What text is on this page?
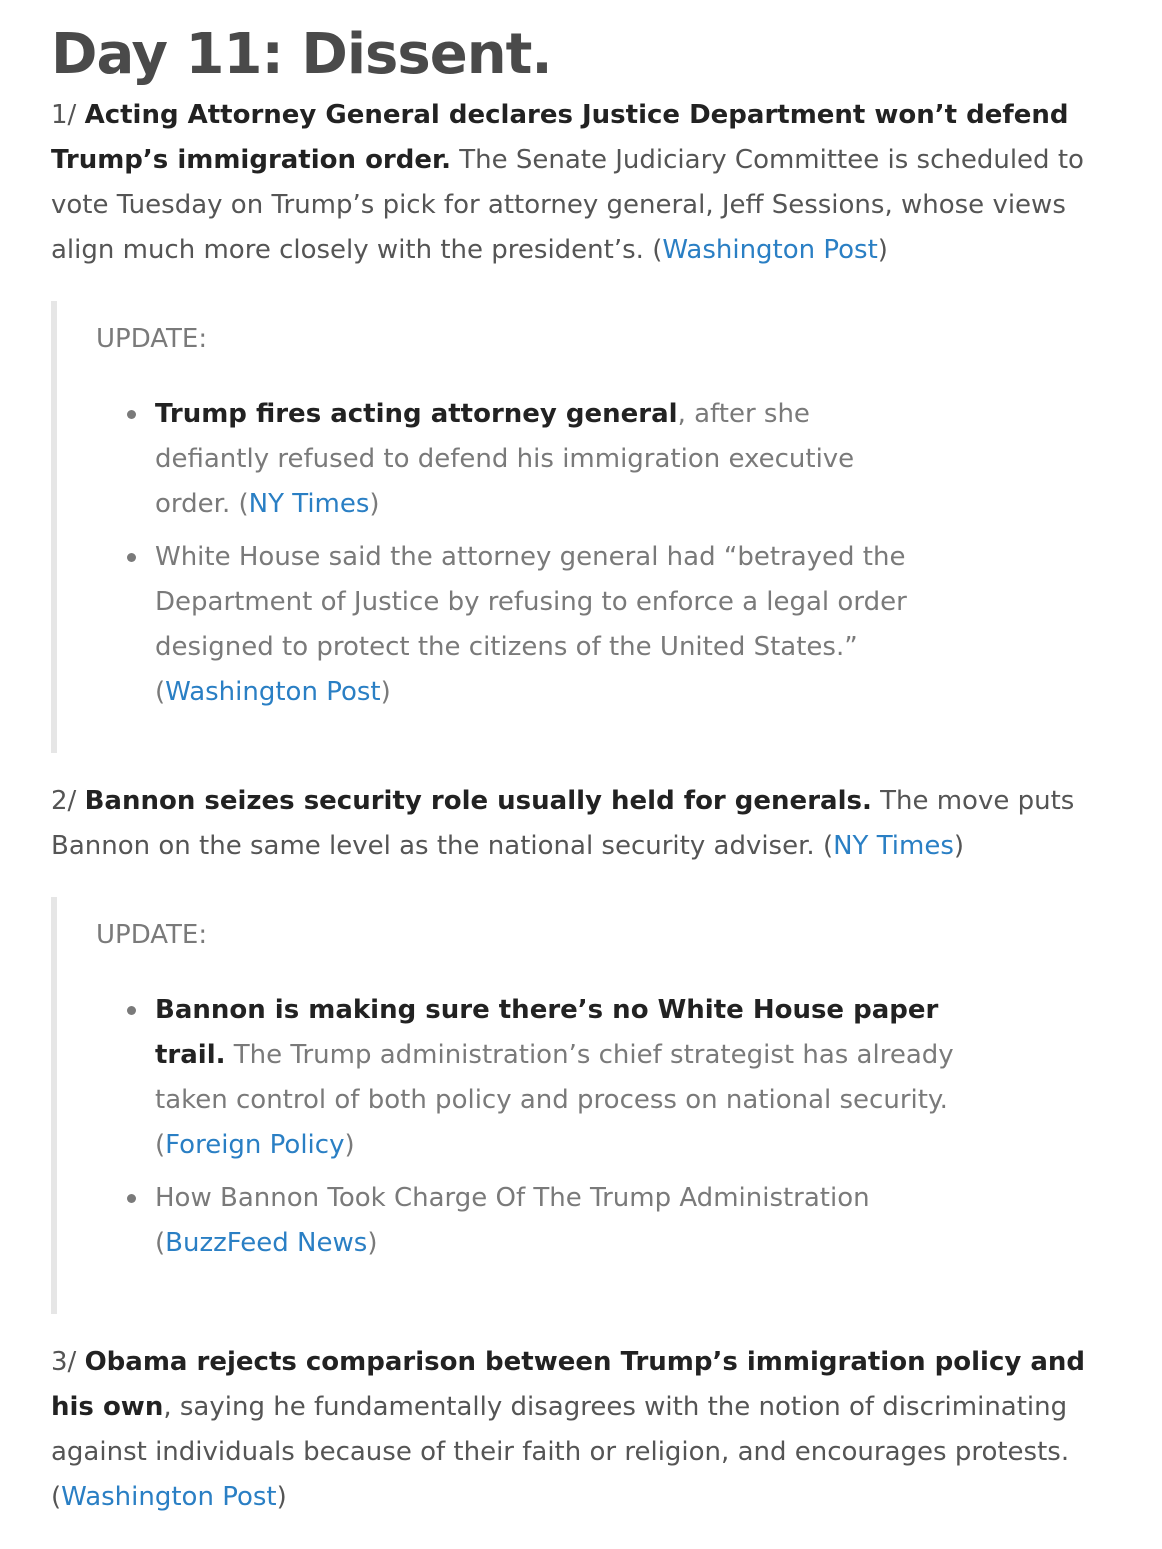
Day 11: Dissent.

1/ Acting Attorney General declares Justice Department won’t defend Trump’s immigration order. The Senate Judiciary Committee is scheduled to vote Tuesday on Trump’s pick for attorney general, Jeff Sessions, whose views align much more closely with the president’s. (Washington Post)

UPDATE:

Trump fires acting attorney general, after she defiantly refused to defend his immigration executive order. (NY Times)
White House said the attorney general had “betrayed the Department of Justice by refusing to enforce a legal order designed to protect the citizens of the United States.” (Washington Post)

2/ Bannon seizes security role usually held for generals. The move puts Bannon on the same level as the national security adviser. (NY Times)

UPDATE:

Bannon is making sure there’s no White House paper trail. The Trump administration’s chief strategist has already taken control of both policy and process on national security. (Foreign Policy)
How Bannon Took Charge Of The Trump Administration (BuzzFeed News)

3/ Obama rejects comparison between Trump’s immigration policy and his own, saying he fundamentally disagrees with the notion of discriminating against individuals because of their faith or religion, and encourages protests. (Washington Post)
